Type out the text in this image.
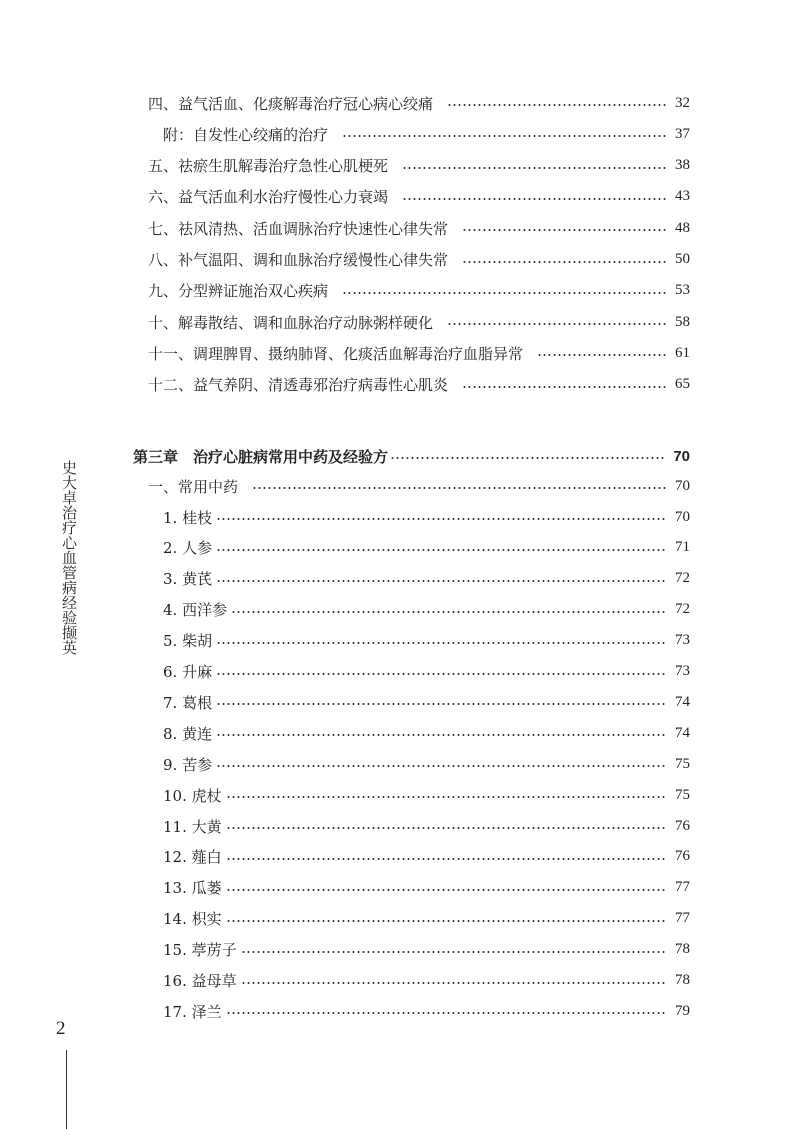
四、益气活血、化痰解毒治疗冠心病心绞痛	32
附：自发性心绞痛的治疗	37
五、祛瘀生肌解毒治疗急性心肌梗死	38
六、益气活血利水治疗慢性心力衰竭	43
七、祛风清热、活血调脉治疗快速性心律失常	48
八、补气温阳、调和血脉治疗缓慢性心律失常	50
九、分型辨证施治双心疾病	53
十、解毒散结、调和血脉治疗动脉粥样硬化	58
十一、调理脾胃、摄纳肺肾、化痰活血解毒治疗血脂异常	61
十二、益气养阴、清透毒邪治疗病毒性心肌炎	65
第三章　治疗心脏病常用中药及经验方	70
一、常用中药	70
1. 桂枝	70
2. 人参	71
3. 黄芪	72
4. 西洋参	72
5. 柴胡	73
6. 升麻	73
7. 葛根	74
8. 黄连	74
9. 苦参	75
10. 虎杖	75
11. 大黄	76
12. 薤白	76
13. 瓜蒌	77
14. 枳实	77
15. 葶苈子	78
16. 益母草	78
17. 泽兰	79
史大卓治疗心血管病经验撷英
2
